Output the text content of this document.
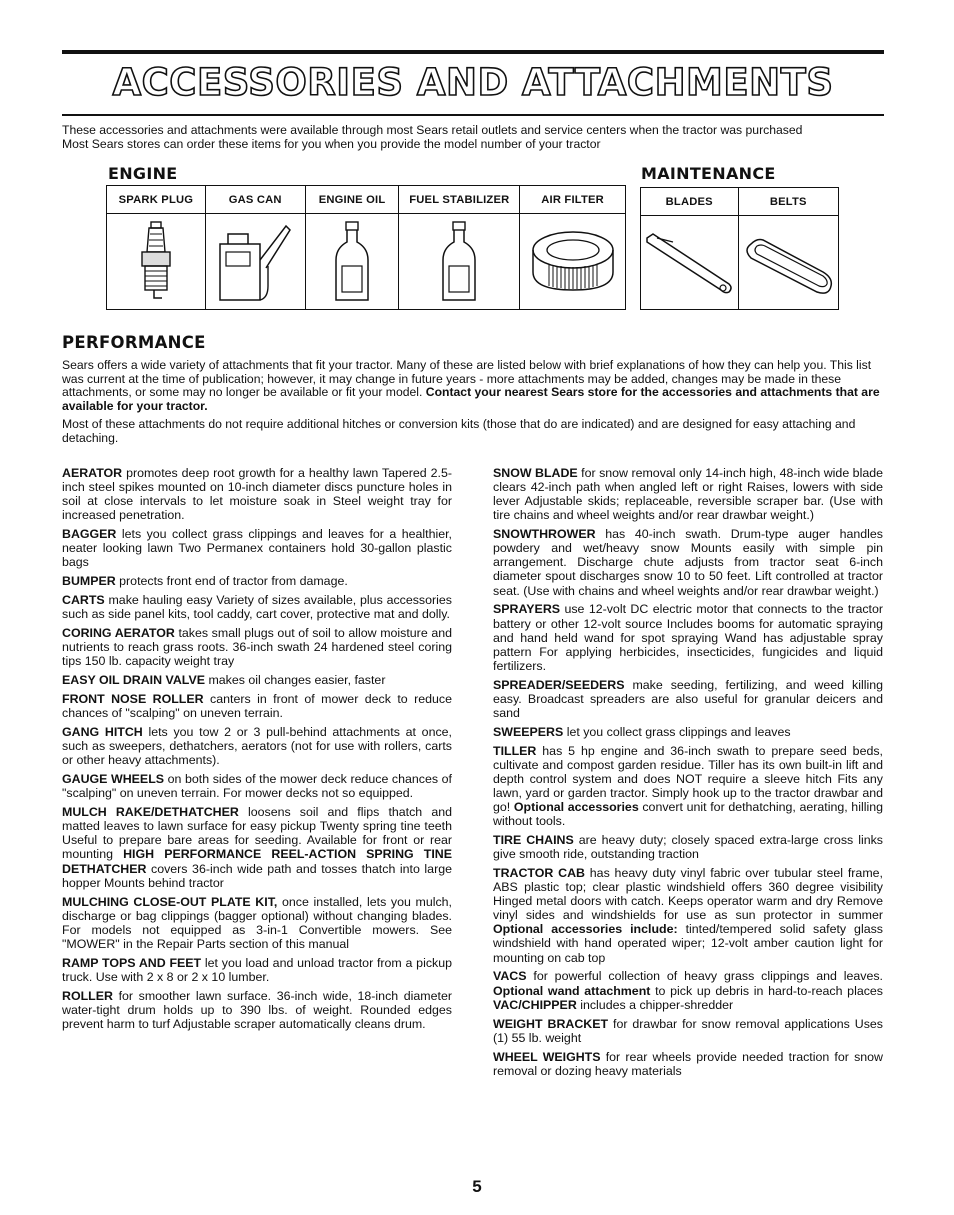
ACCESSORIES AND ATTACHMENTS
These accessories and attachments were available through most Sears retail outlets and service centers when the tractor was purchased
Most Sears stores can order these items for you when you provide the model number of your tractor
ENGINE	MAINTENANCE
SPARK PLUG	GAS CAN	ENGINE OIL	FUEL STABILIZER	AIR FILTER	BLADES	BELTS
PERFORMANCE

Sears offers a wide variety of attachments that fit your tractor. Many of these are listed below with brief explanations of how they can help you. This list was current at the time of publication; however, it may change in future years - more attachments may be added, changes may be made in these attachments, or some may no longer be available or fit your model. Contact your nearest Sears store for the accessories and attachments that are available for your tractor.

Most of these attachments do not require additional hitches or conversion kits (those that do are indicated) and are designed for easy attaching and detaching.

AERATOR promotes deep root growth for a healthy lawn Tapered 2.5-inch steel spikes mounted on 10-inch diameter discs puncture holes in soil at close intervals to let moisture soak in Steel weight tray for increased penetration.

BAGGER lets you collect grass clippings and leaves for a healthier, neater looking lawn Two Permanex containers hold 30-gallon plastic bags

BUMPER protects front end of tractor from damage.

CARTS make hauling easy Variety of sizes available, plus accessories such as side panel kits, tool caddy, cart cover, protective mat and dolly.

CORING AERATOR takes small plugs out of soil to allow moisture and nutrients to reach grass roots. 36-inch swath 24 hardened steel coring tips 150 lb. capacity weight tray

EASY OIL DRAIN VALVE makes oil changes easier, faster

FRONT NOSE ROLLER canters in front of mower deck to reduce chances of "scalping" on uneven terrain.

GANG HITCH lets you tow 2 or 3 pull-behind attachments at once, such as sweepers, dethatchers, aerators (not for use with rollers, carts or other heavy attachments).

GAUGE WHEELS on both sides of the mower deck reduce chances of "scalping" on uneven terrain. For mower decks not so equipped.

MULCH RAKE/DETHATCHER loosens soil and flips thatch and matted leaves to lawn surface for easy pickup Twenty spring tine teeth Useful to prepare bare areas for seeding. Available for front or rear mounting HIGH PERFORMANCE REEL-ACTION SPRING TINE DETHATCHER covers 36-inch wide path and tosses thatch into large hopper Mounts behind tractor

MULCHING CLOSE-OUT PLATE KIT, once installed, lets you mulch, discharge or bag clippings (bagger optional) without changing blades. For models not equipped as 3-in-1 Convertible mowers. See "MOWER" in the Repair Parts section of this manual

RAMP TOPS AND FEET let you load and unload tractor from a pickup truck. Use with 2 x 8 or 2 x 10 lumber.

ROLLER for smoother lawn surface. 36-inch wide, 18-inch diameter water-tight drum holds up to 390 lbs. of weight. Rounded edges prevent harm to turf Adjustable scraper automatically cleans drum.

SNOW BLADE for snow removal only 14-inch high, 48-inch wide blade clears 42-inch path when angled left or right Raises, lowers with side lever Adjustable skids; replaceable, reversible scraper bar. (Use with tire chains and wheel weights and/or rear drawbar weight.)

SNOWTHROWER has 40-inch swath. Drum-type auger handles powdery and wet/heavy snow Mounts easily with simple pin arrangement. Discharge chute adjusts from tractor seat 6-inch diameter spout discharges snow 10 to 50 feet. Lift controlled at tractor seat. (Use with chains and wheel weights and/or rear drawbar weight.)

SPRAYERS use 12-volt DC electric motor that connects to the tractor battery or other 12-volt source Includes booms for automatic spraying and hand held wand for spot spraying Wand has adjustable spray pattern For applying herbicides, insecticides, fungicides and liquid fertilizers.

SPREADER/SEEDERS make seeding, fertilizing, and weed killing easy. Broadcast spreaders are also useful for granular deicers and sand

SWEEPERS let you collect grass clippings and leaves

TILLER has 5 hp engine and 36-inch swath to prepare seed beds, cultivate and compost garden residue. Tiller has its own built-in lift and depth control system and does NOT require a sleeve hitch Fits any lawn, yard or garden tractor. Simply hook up to the tractor drawbar and go! Optional accessories convert unit for dethatching, aerating, hilling without tools.

TIRE CHAINS are heavy duty; closely spaced extra-large cross links give smooth ride, outstanding traction

TRACTOR CAB has heavy duty vinyl fabric over tubular steel frame, ABS plastic top; clear plastic windshield offers 360 degree visibility Hinged metal doors with catch. Keeps operator warm and dry Remove vinyl sides and windshields for use as sun protector in summer Optional accessories include: tinted/tempered solid safety glass windshield with hand operated wiper; 12-volt amber caution light for mounting on cab top

VACS for powerful collection of heavy grass clippings and leaves. Optional wand attachment to pick up debris in hard-to-reach places VAC/CHIPPER includes a chipper-shredder

WEIGHT BRACKET for drawbar for snow removal applications Uses (1) 55 lb. weight

WHEEL WEIGHTS for rear wheels provide needed traction for snow removal or dozing heavy materials

5
